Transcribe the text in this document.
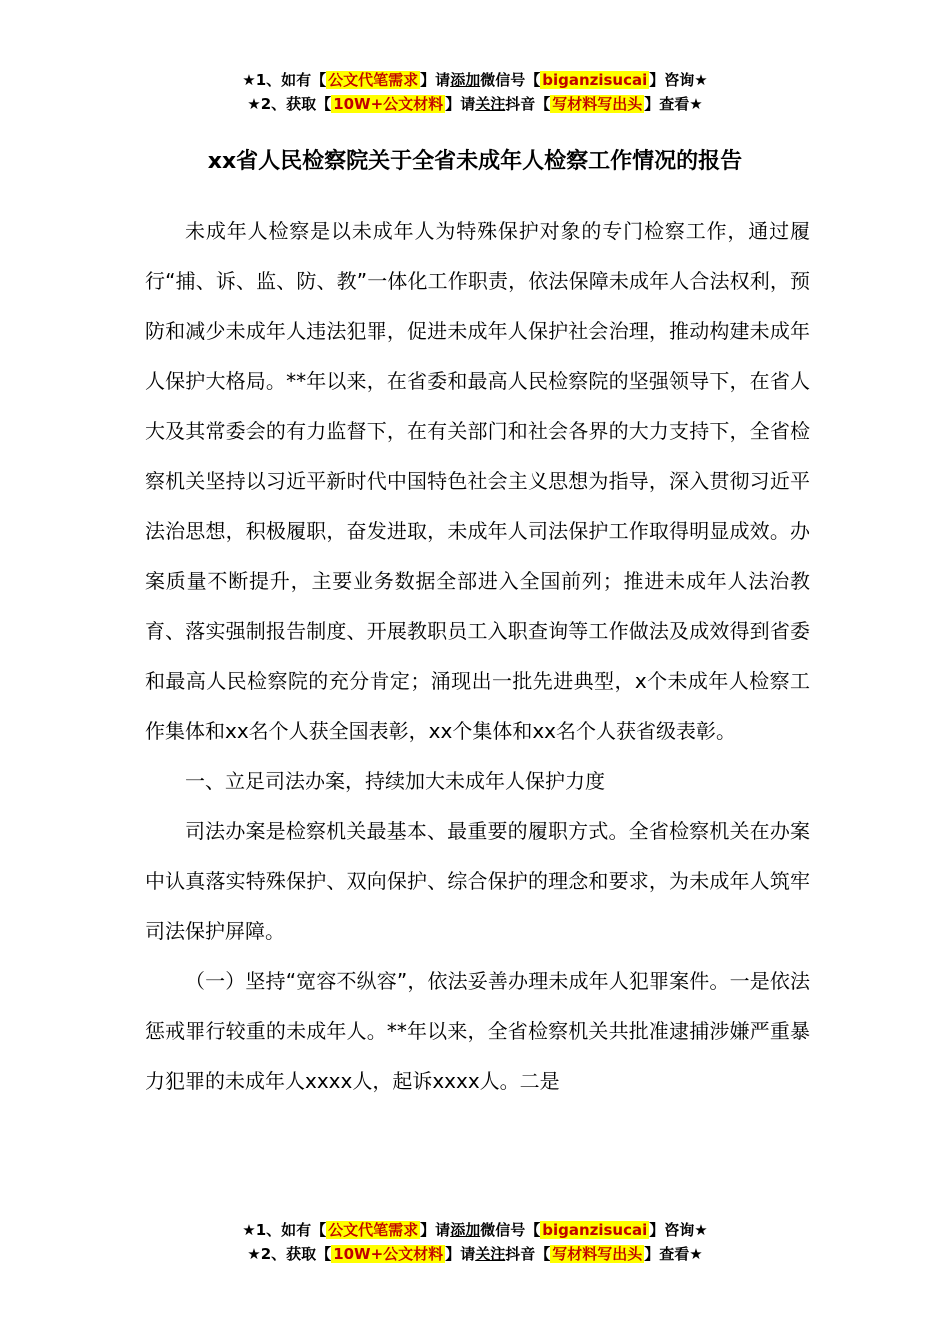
★1、如有【 公文代笔需求 】请添加微信号【 biganzisucai 】咨询★
★2、获取【 10W+公文材料 】请关注抖音【 写材料写出头 】查看★
xx省人民检察院关于全省未成年人检察工作情况的报告

未成年人检察是以未成年人为特殊保护对象的专门检察工作，通过履行“捕、诉、监、防、教”一体化工作职责，依法保障未成年人合法权利，预防和减少未成年人违法犯罪，促进未成年人保护社会治理，推动构建未成年人保护大格局。**年以来，在省委和最高人民检察院的坚强领导下，在省人大及其常委会的有力监督下，在有关部门和社会各界的大力支持下，全省检察机关坚持以习近平新时代中国特色社会主义思想为指导，深入贯彻习近平法治思想，积极履职，奋发进取，未成年人司法保护工作取得明显成效。办案质量不断提升，主要业务数据全部进入全国前列；推进未成年人法治教育、落实强制报告制度、开展教职员工入职查询等工作做法及成效得到省委和最高人民检察院的充分肯定；涌现出一批先进典型，x个未成年人检察工作集体和xx名个人获全国表彰，xx个集体和xx名个人获省级表彰。

一、立足司法办案，持续加大未成年人保护力度

司法办案是检察机关最基本、最重要的履职方式。全省检察机关在办案中认真落实特殊保护、双向保护、综合保护的理念和要求，为未成年人筑牢司法保护屏障。

（一）坚持“宽容不纵容”，依法妥善办理未成年人犯罪案件。一是依法惩戒罪行较重的未成年人。**年以来，全省检察机关共批准逮捕涉嫌严重暴力犯罪的未成年人xxxx人，起诉xxxx人。二是

★1、如有【 公文代笔需求 】请添加微信号【 biganzisucai 】咨询★
★2、获取【 10W+公文材料 】请关注抖音【 写材料写出头 】查看★
